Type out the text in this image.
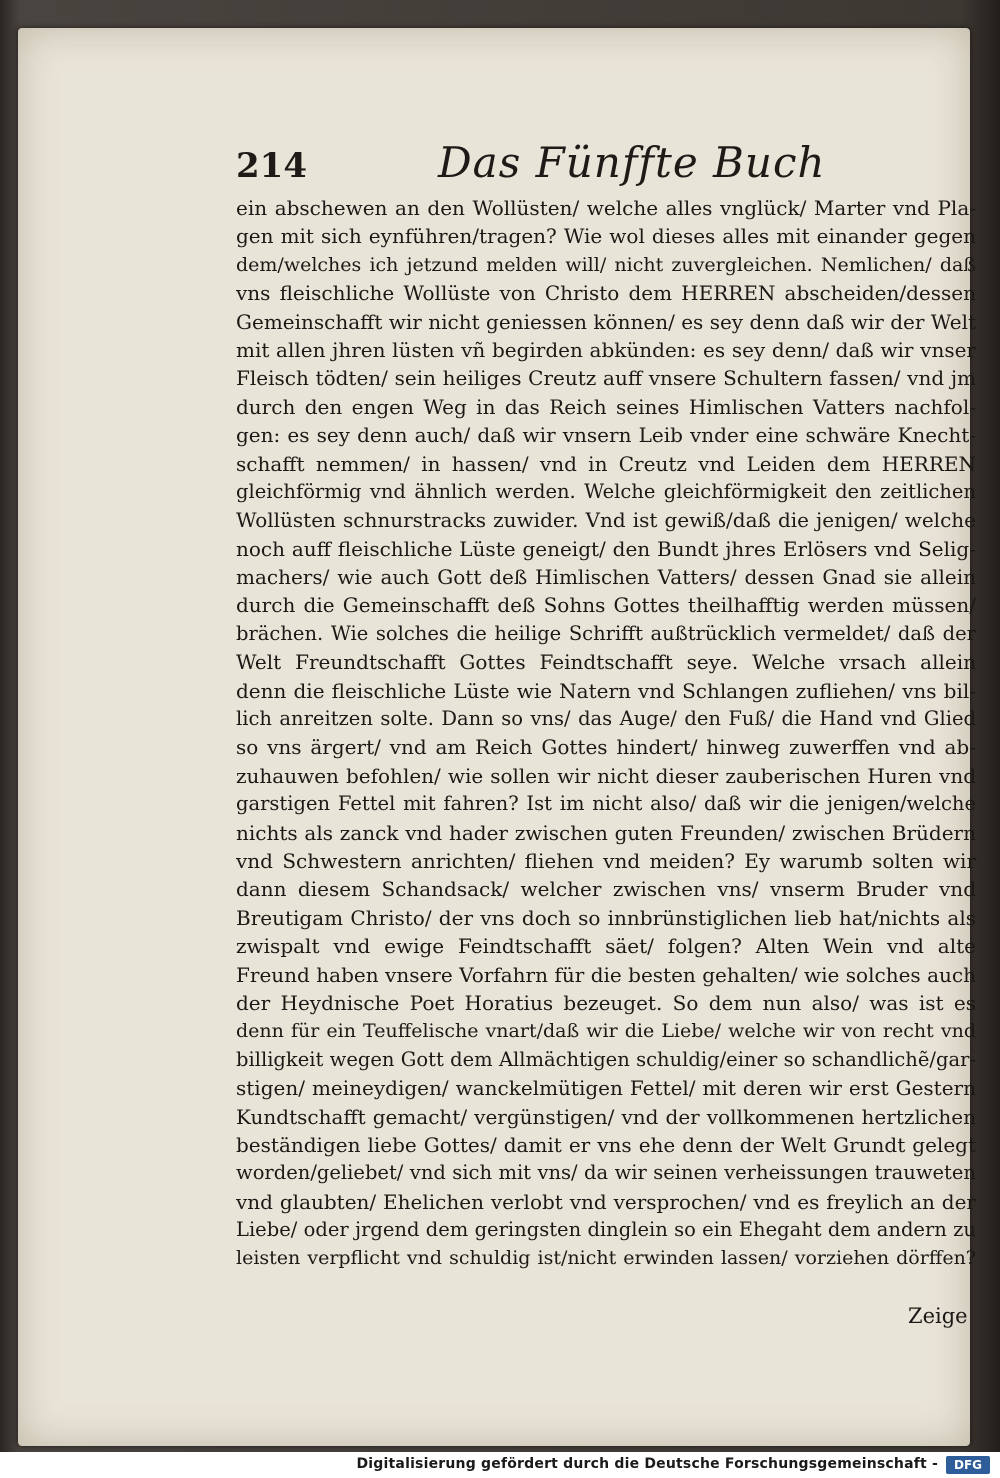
214	Das Fünffte Buch
ein abschewen an den Wollüsten/ welche alles vnglück/ Marter vnd Pla-
gen mit sich eynführen/tragen? Wie wol dieses alles mit einander gegen
dem/welches ich jetzund melden will/ nicht zuvergleichen. Nemlichen/ daß
vns fleischliche Wollüste von Christo dem HERREN abscheiden/dessen
Gemeinschafft wir nicht geniessen können/ es sey denn daß wir der Welt
mit allen jhren lüsten vñ begirden abkünden: es sey denn/ daß wir vnser
Fleisch tödten/ sein heiliges Creutz auff vnsere Schultern fassen/ vnd jm
durch den engen Weg in das Reich seines Himlischen Vatters nachfol-
gen: es sey denn auch/ daß wir vnsern Leib vnder eine schwäre Knecht-
schafft nemmen/ in hassen/ vnd in Creutz vnd Leiden dem HERREN
gleichförmig vnd ähnlich werden. Welche gleichförmigkeit den zeitlichen
Wollüsten schnurstracks zuwider. Vnd ist gewiß/daß die jenigen/ welche
noch auff fleischliche Lüste geneigt/ den Bundt jhres Erlösers vnd Selig-
machers/ wie auch Gott deß Himlischen Vatters/ dessen Gnad sie allein
durch die Gemeinschafft deß Sohns Gottes theilhafftig werden müssen/
brächen. Wie solches die heilige Schrifft außtrücklich vermeldet/ daß der
Welt Freundtschafft Gottes Feindtschafft seye. Welche vrsach allein
denn die fleischliche Lüste wie Natern vnd Schlangen zufliehen/ vns bil-
lich anreitzen solte. Dann so vns/ das Auge/ den Fuß/ die Hand vnd Glied
so vns ärgert/ vnd am Reich Gottes hindert/ hinweg zuwerffen vnd ab-
zuhauwen befohlen/ wie sollen wir nicht dieser zauberischen Huren vnd
garstigen Fettel mit fahren? Ist im nicht also/ daß wir die jenigen/welche
nichts als zanck vnd hader zwischen guten Freunden/ zwischen Brüdern
vnd Schwestern anrichten/ fliehen vnd meiden? Ey warumb solten wir
dann diesem Schandsack/ welcher zwischen vns/ vnserm Bruder vnd
Breutigam Christo/ der vns doch so innbrünstiglichen lieb hat/nichts als
zwispalt vnd ewige Feindtschafft säet/ folgen? Alten Wein vnd alte
Freund haben vnsere Vorfahrn für die besten gehalten/ wie solches auch
der Heydnische Poet Horatius bezeuget. So dem nun also/ was ist es
denn für ein Teuffelische vnart/daß wir die Liebe/ welche wir von recht vnd
billigkeit wegen Gott dem Allmächtigen schuldig/einer so schandlichẽ/gar-
stigen/ meineydigen/ wanckelmütigen Fettel/ mit deren wir erst Gestern
Kundtschafft gemacht/ vergünstigen/ vnd der vollkommenen hertzlichen
beständigen liebe Gottes/ damit er vns ehe denn der Welt Grundt gelegt
worden/geliebet/ vnd sich mit vns/ da wir seinen verheissungen trauweten
vnd glaubten/ Ehelichen verlobt vnd versprochen/ vnd es freylich an der
Liebe/ oder jrgend dem geringsten dinglein so ein Ehegaht dem andern zu
leisten verpflicht vnd schuldig ist/nicht erwinden lassen/ vorziehen dörffen?
Zeige
Digitalisierung gefördert durch die Deutsche Forschungsgemeinschaft -	DFG
